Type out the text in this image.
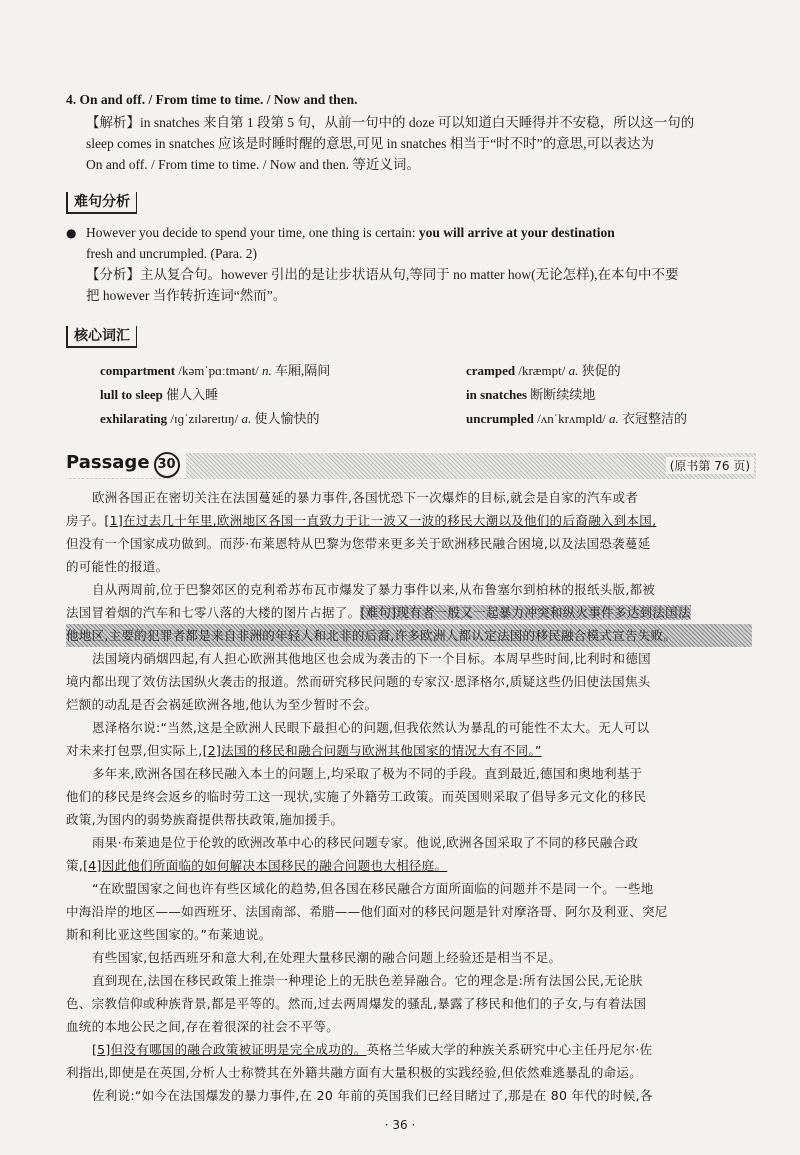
4. On and off. / From time to time. / Now and then.
【解析】in snatches 来自第 1 段第 5 句，从前一句中的 doze 可以知道白天睡得并不安稳，所以这一句的
sleep comes in snatches 应该是时睡时醒的意思,可见 in snatches 相当于“时不时”的意思,可以表达为
On and off. / From time to time. / Now and then. 等近义词。
难句分析
● However you decide to spend your time, one thing is certain: you will arrive at your destination
fresh and uncrumpled. (Para. 2)
【分析】主从复合句。however 引出的是让步状语从句,等同于 no matter how(无论怎样),在本句中不要
把 however 当作转折连词“然而”。
核心词汇
compartment /kəmˈpɑːtmənt/ n. 车厢,隔间	cramped /kræmpt/ a. 狭促的
lull to sleep 催人入睡	in snatches 断断续续地
exhilarating /ɪɡˈzɪləreɪtɪŋ/ a. 使人愉快的	uncrumpled /ʌnˈkrʌmpld/ a. 衣冠整洁的
Passage 30	(原书第 76 页)
欧洲各国正在密切关注在法国蔓延的暴力事件,各国忧恐下一次爆炸的目标,就会是自家的汽车或者
房子。[1]在过去几十年里,欧洲地区各国一直致力于让一波又一波的移民大潮以及他们的后裔融入到本国,
但没有一个国家成功做到。而莎·布莱恩特从巴黎为您带来更多关于欧洲移民融合困境,以及法国恐袭蔓延
的可能性的报道。
自从两周前,位于巴黎郊区的克利希苏布瓦市爆发了暴力事件以来,从布鲁塞尔到柏林的报纸头版,都被
法国冒着烟的汽车和七零八落的大楼的图片占据了。[难句]现有者一般又一起暴力冲突和纵火事件多达到法国法
他地区,主要的犯罪者都是来自非洲的年轻人和北非的后裔,许多欧洲人都认定法国的移民融合模式宣告失败。
法国境内硝烟四起,有人担心欧洲其他地区也会成为袭击的下一个目标。本周早些时间,比利时和德国
境内都出现了效仿法国纵火袭击的报道。然而研究移民问题的专家汉·恩泽格尔,质疑这些仍旧使法国焦头
烂额的动乱是否会祸延欧洲各地,他认为至少暂时不会。
恩泽格尔说:“当然,这是全欧洲人民眼下最担心的问题,但我依然认为暴乱的可能性不太大。无人可以
对未来打包票,但实际上,[2]法国的移民和融合问题与欧洲其他国家的情况大有不同。”
多年来,欧洲各国在移民融入本土的问题上,均采取了极为不同的手段。直到最近,德国和奥地利基于
他们的移民是终会返乡的临时劳工这一现状,实施了外籍劳工政策。而英国则采取了倡导多元文化的移民
政策,为国内的弱势族裔提供帮扶政策,施加援手。
雨果·布莱迪是位于伦敦的欧洲改革中心的移民问题专家。他说,欧洲各国采取了不同的移民融合政
策,[4]因此他们所面临的如何解决本国移民的融合问题也大相径庭。
“在欧盟国家之间也许有些区域化的趋势,但各国在移民融合方面所面临的问题并不是同一个。一些地
中海沿岸的地区——如西班牙、法国南部、希腊——他们面对的移民问题是针对摩洛哥、阿尔及利亚、突尼
斯和利比亚这些国家的。”布莱迪说。
有些国家,包括西班牙和意大利,在处理大量移民潮的融合问题上经验还是相当不足。
直到现在,法国在移民政策上推崇一种理论上的无肤色差异融合。它的理念是:所有法国公民,无论肤
色、宗教信仰或种族背景,都是平等的。然而,过去两周爆发的骚乱,暴露了移民和他们的子女,与有着法国
血统的本地公民之间,存在着很深的社会不平等。
[5]但没有哪国的融合政策被证明是完全成功的。英格兰华威大学的种族关系研究中心主任丹尼尔·佐
利指出,即使是在英国,分析人士称赞其在外籍共融方面有大量积极的实践经验,但依然难逃暴乱的命运。
佐利说:“如今在法国爆发的暴力事件,在 20 年前的英国我们已经目睹过了,那是在 80 年代的时候,各
· 36 ·
